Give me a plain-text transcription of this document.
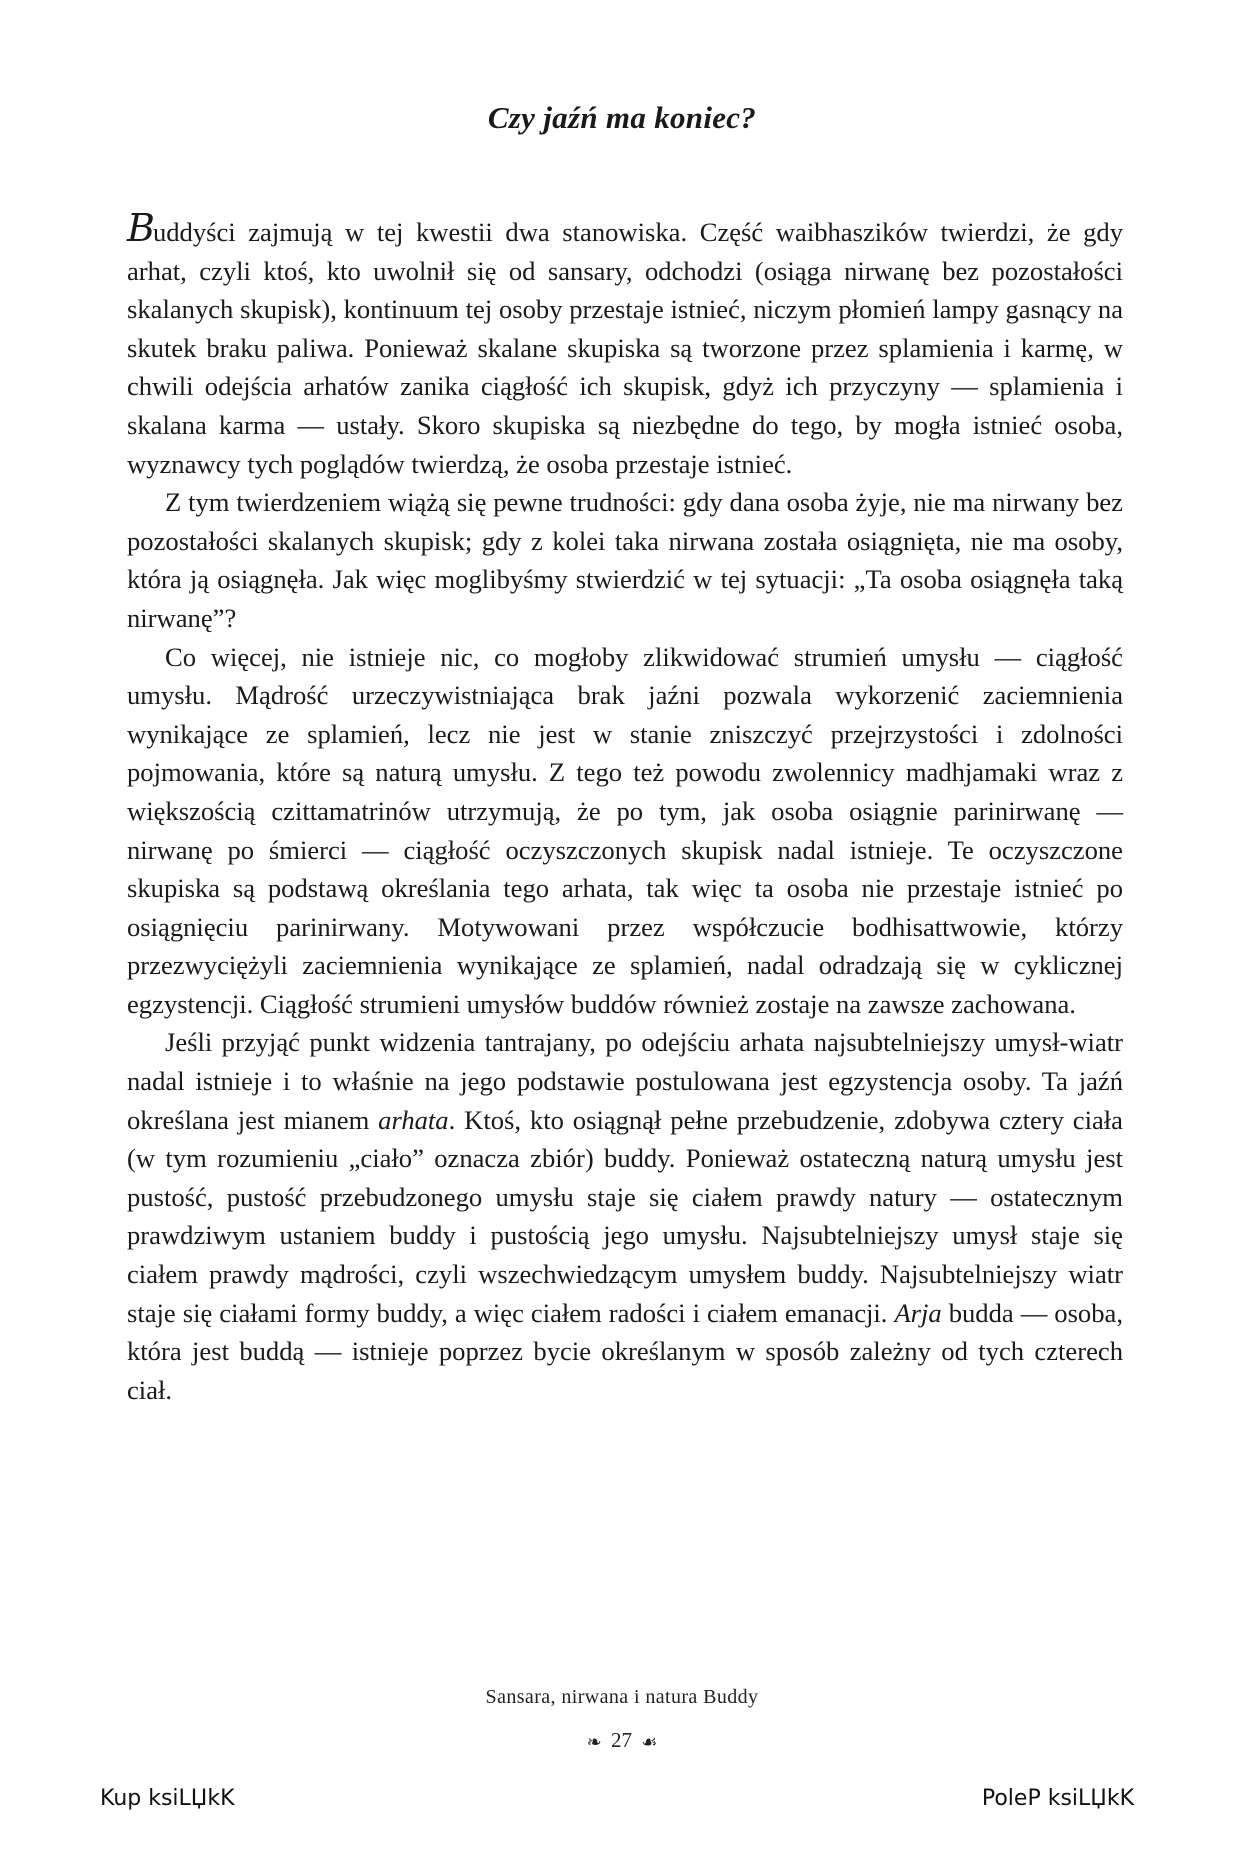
Czy jaźń ma koniec?

Buddyści zajmują w tej kwestii dwa stanowiska. Część waibhaszików twierdzi, że gdy arhat, czyli ktoś, kto uwolnił się od sansary, odchodzi (osiąga nirwanę bez pozostałości skalanych skupisk), kontinuum tej osoby przestaje istnieć, niczym płomień lampy gasnący na skutek braku paliwa. Ponieważ skalane skupiska są tworzone przez splamienia i karmę, w chwili odejścia arhatów zanika ciągłość ich skupisk, gdyż ich przyczyny — splamienia i skalana karma — ustały. Skoro skupiska są niezbędne do tego, by mogła istnieć osoba, wyznawcy tych poglądów twierdzą, że osoba przestaje istnieć.

Z tym twierdzeniem wiążą się pewne trudności: gdy dana osoba żyje, nie ma nirwany bez pozostałości skalanych skupisk; gdy z kolei taka nirwana została osiągnięta, nie ma osoby, która ją osiągnęła. Jak więc moglibyśmy stwierdzić w tej sytuacji: „Ta osoba osiągnęła taką nirwanę”?

Co więcej, nie istnieje nic, co mogłoby zlikwidować strumień umysłu — ciągłość umysłu. Mądrość urzeczywistniająca brak jaźni pozwala wykorzenić zaciemnienia wynikające ze splamień, lecz nie jest w stanie zniszczyć przejrzystości i zdolności pojmowania, które są naturą umysłu. Z tego też powodu zwolennicy madhjamaki wraz z większością czittamatrinów utrzymują, że po tym, jak osoba osiągnie parinirwanę — nirwanę po śmierci — ciągłość oczyszczonych skupisk nadal istnieje. Te oczyszczone skupiska są podstawą określania tego arhata, tak więc ta osoba nie przestaje istnieć po osiągnięciu parinirwany. Motywowani przez współczucie bodhisattwowie, którzy przezwyciężyli zaciemnienia wynikające ze splamień, nadal odradzają się w cyklicznej egzystencji. Ciągłość strumieni umysłów buddów również zostaje na zawsze zachowana.

Jeśli przyjąć punkt widzenia tantrajany, po odejściu arhata najsubtelniejszy umysł-wiatr nadal istnieje i to właśnie na jego podstawie postulowana jest egzystencja osoby. Ta jaźń określana jest mianem arhata. Ktoś, kto osiągnął pełne przebudzenie, zdobywa cztery ciała (w tym rozumieniu „ciało” oznacza zbiór) buddy. Ponieważ ostateczną naturą umysłu jest pustość, pustość przebudzonego umysłu staje się ciałem prawdy natury — ostatecznym prawdziwym ustaniem buddy i pustością jego umysłu. Najsubtelniejszy umysł staje się ciałem prawdy mądrości, czyli wszechwiedzącym umysłem buddy. Najsubtelniejszy wiatr staje się ciałami formy buddy, a więc ciałem radości i ciałem emanacji. Arja budda — osoba, która jest buddą — istnieje poprzez bycie określanym w sposób zależny od tych czterech ciał.

Sansara, nirwana i natura Buddy
❧ 27 ☙
Kup ksiLЏkK	PoleP ksiLЏkK
